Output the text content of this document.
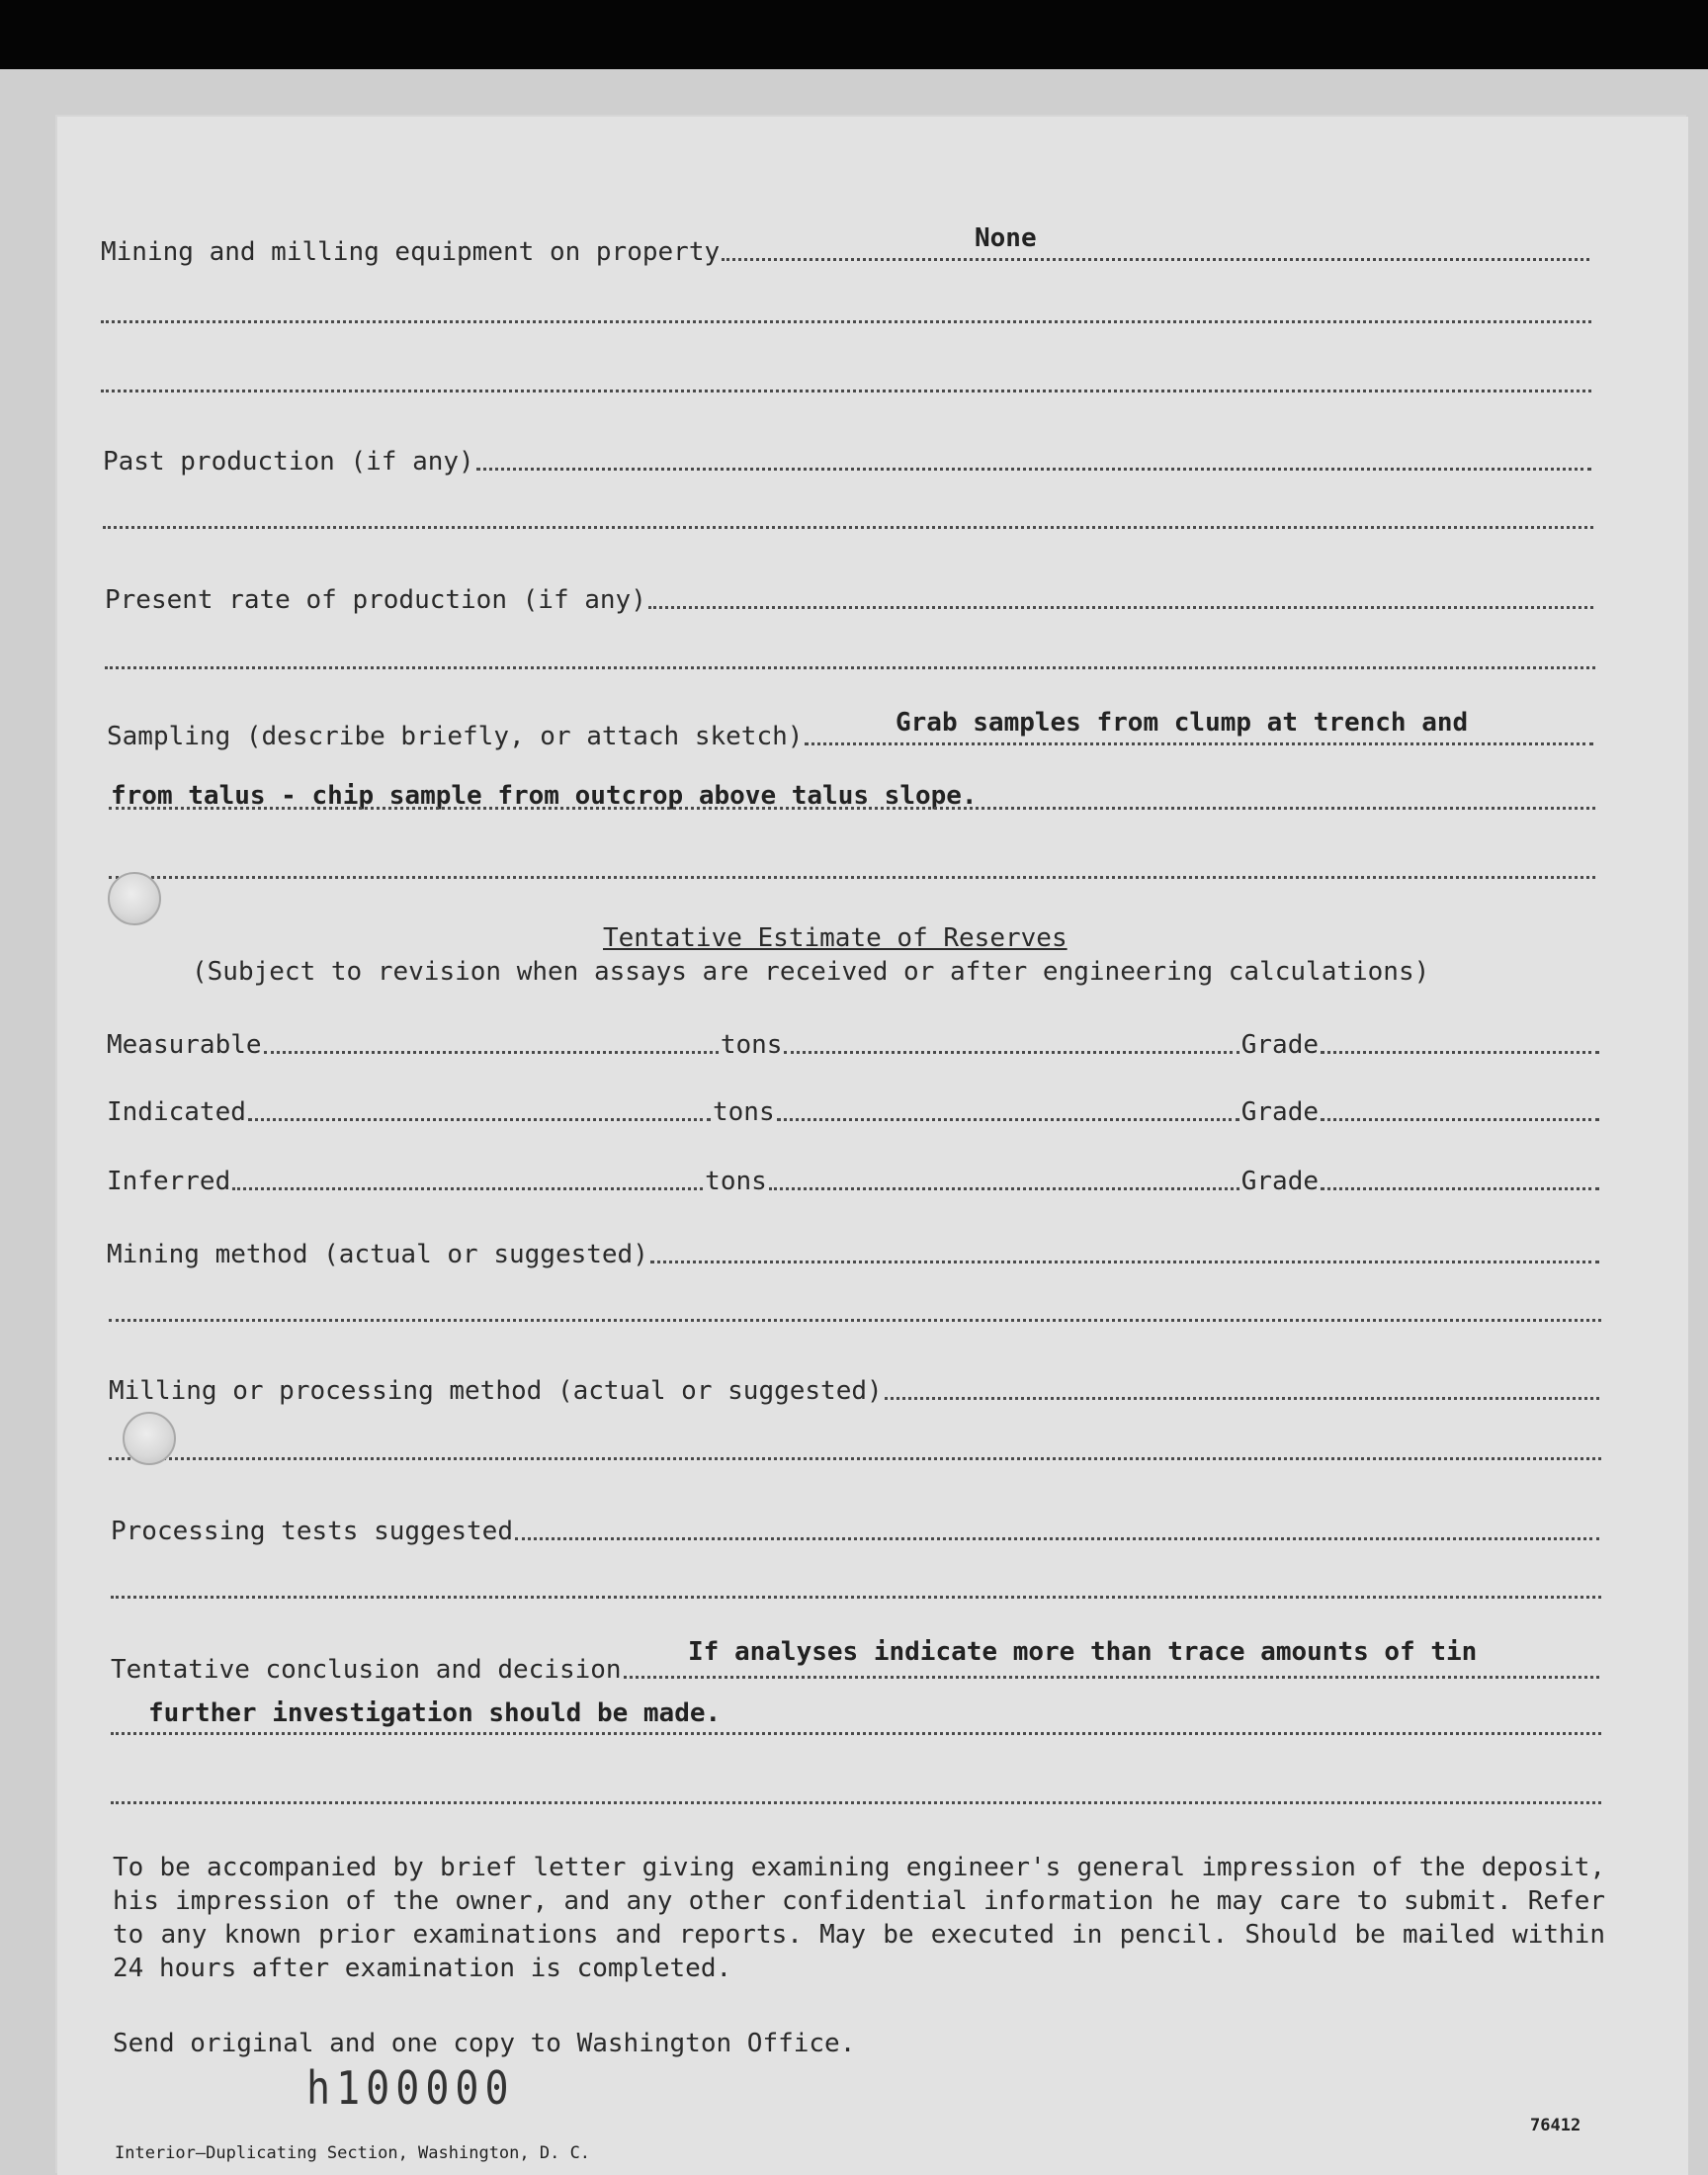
Mining and milling equipment on property	None
Past production (if any)
Present rate of production (if any)
Sampling (describe briefly, or attach sketch)	Grab samples from clump at trench and
from talus - chip sample from outcrop above talus slope.
Tentative Estimate of Reserves
(Subject to revision when assays are received or after engineering calculations)
Measurable	tons	Grade
Indicated	tons	Grade
Inferred	tons	Grade
Mining method (actual or suggested)
Milling or processing method (actual or suggested)
Processing tests suggested
Tentative conclusion and decision
If analyses indicate more than trace amounts of tin
further investigation should be made.
To be accompanied by brief letter giving examining engineer's general impression of the deposit, his impression of the owner, and any other confidential information he may care to submit. Refer to any known prior examinations and reports. May be executed in pencil. Should be mailed within 24 hours after examination is completed.
Send original and one copy to Washington Office.
h100000
76412
Interior—Duplicating Section, Washington, D. C.
